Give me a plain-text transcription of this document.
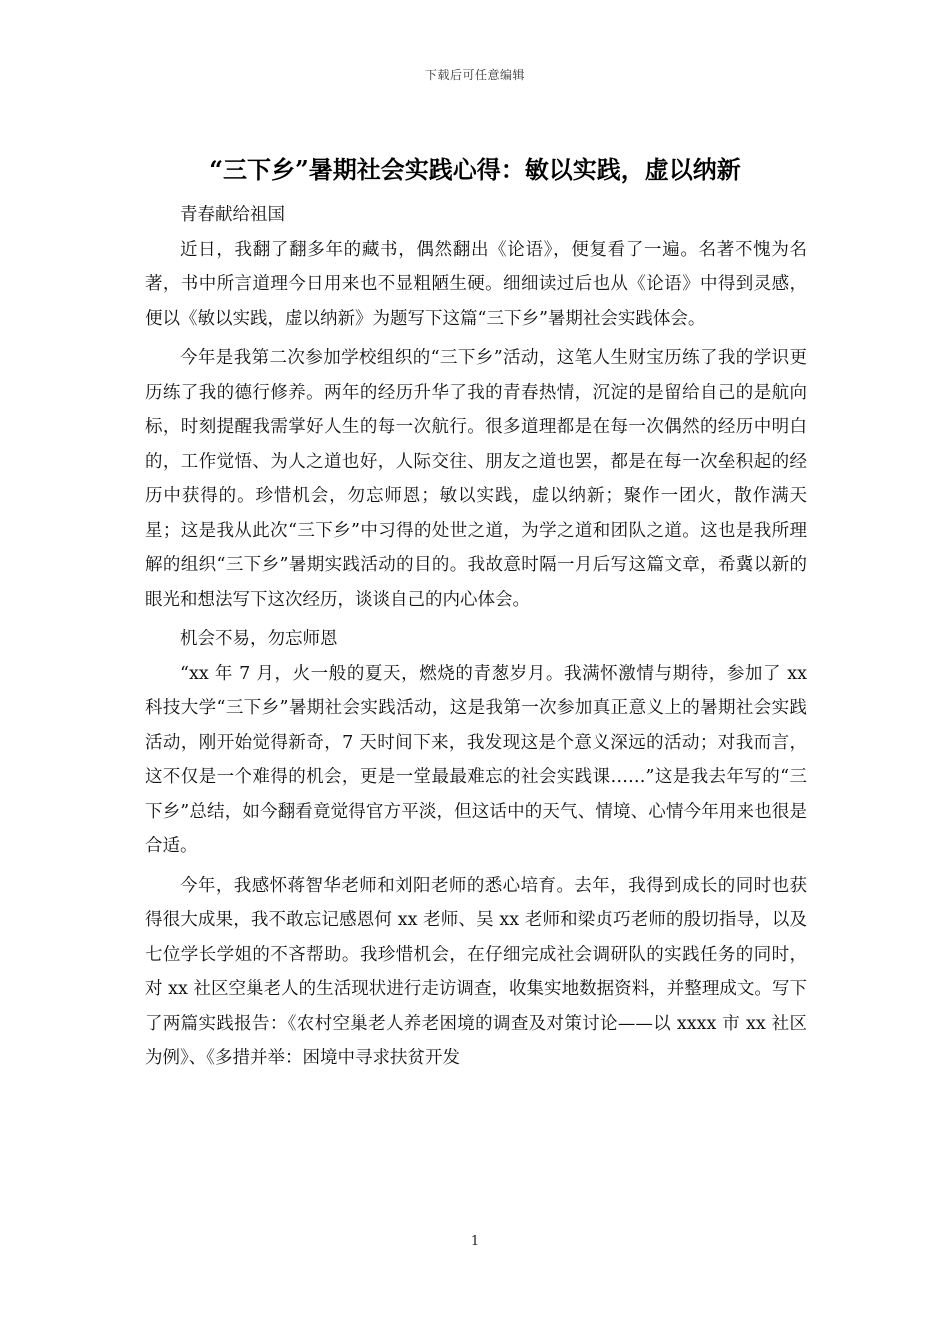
下载后可任意编辑
“三下乡”暑期社会实践心得：敏以实践，虚以纳新

青春献给祖国

近日，我翻了翻多年的藏书，偶然翻出《论语》，便复看了一遍。名著不愧为名著，书中所言道理今日用来也不显粗陋生硬。细细读过后也从《论语》中得到灵感，便以《敏以实践，虚以纳新》为题写下这篇“三下乡”暑期社会实践体会。

今年是我第二次参加学校组织的“三下乡”活动，这笔人生财宝历练了我的学识更历练了我的德行修养。两年的经历升华了我的青春热情，沉淀的是留给自己的是航向标，时刻提醒我需掌好人生的每一次航行。很多道理都是在每一次偶然的经历中明白的，工作觉悟、为人之道也好，人际交往、朋友之道也罢，都是在每一次垒积起的经历中获得的。珍惜机会，勿忘师恩；敏以实践，虚以纳新；聚作一团火，散作满天星；这是我从此次“三下乡”中习得的处世之道，为学之道和团队之道。这也是我所理解的组织“三下乡”暑期实践活动的目的。我故意时隔一月后写这篇文章，希冀以新的眼光和想法写下这次经历，谈谈自己的内心体会。

机会不易，勿忘师恩

“xx 年 7 月，火一般的夏天，燃烧的青葱岁月。我满怀激情与期待，参加了 xx 科技大学“三下乡”暑期社会实践活动，这是我第一次参加真正意义上的暑期社会实践活动，刚开始觉得新奇，7 天时间下来，我发现这是个意义深远的活动；对我而言，这不仅是一个难得的机会，更是一堂最最难忘的社会实践课……”这是我去年写的“三下乡”总结，如今翻看竟觉得官方平淡，但这话中的天气、情境、心情今年用来也很是合适。

今年，我感怀蒋智华老师和刘阳老师的悉心培育。去年，我得到成长的同时也获得很大成果，我不敢忘记感恩何 xx 老师、吴 xx 老师和梁贞巧老师的殷切指导，以及七位学长学姐的不吝帮助。我珍惜机会，在仔细完成社会调研队的实践任务的同时，对 xx 社区空巢老人的生活现状进行走访调查，收集实地数据资料，并整理成文。写下了两篇实践报告：《农村空巢老人养老困境的调查及对策讨论——以 xxxx 市 xx 社区为例》、《多措并举：困境中寻求扶贫开发

1
